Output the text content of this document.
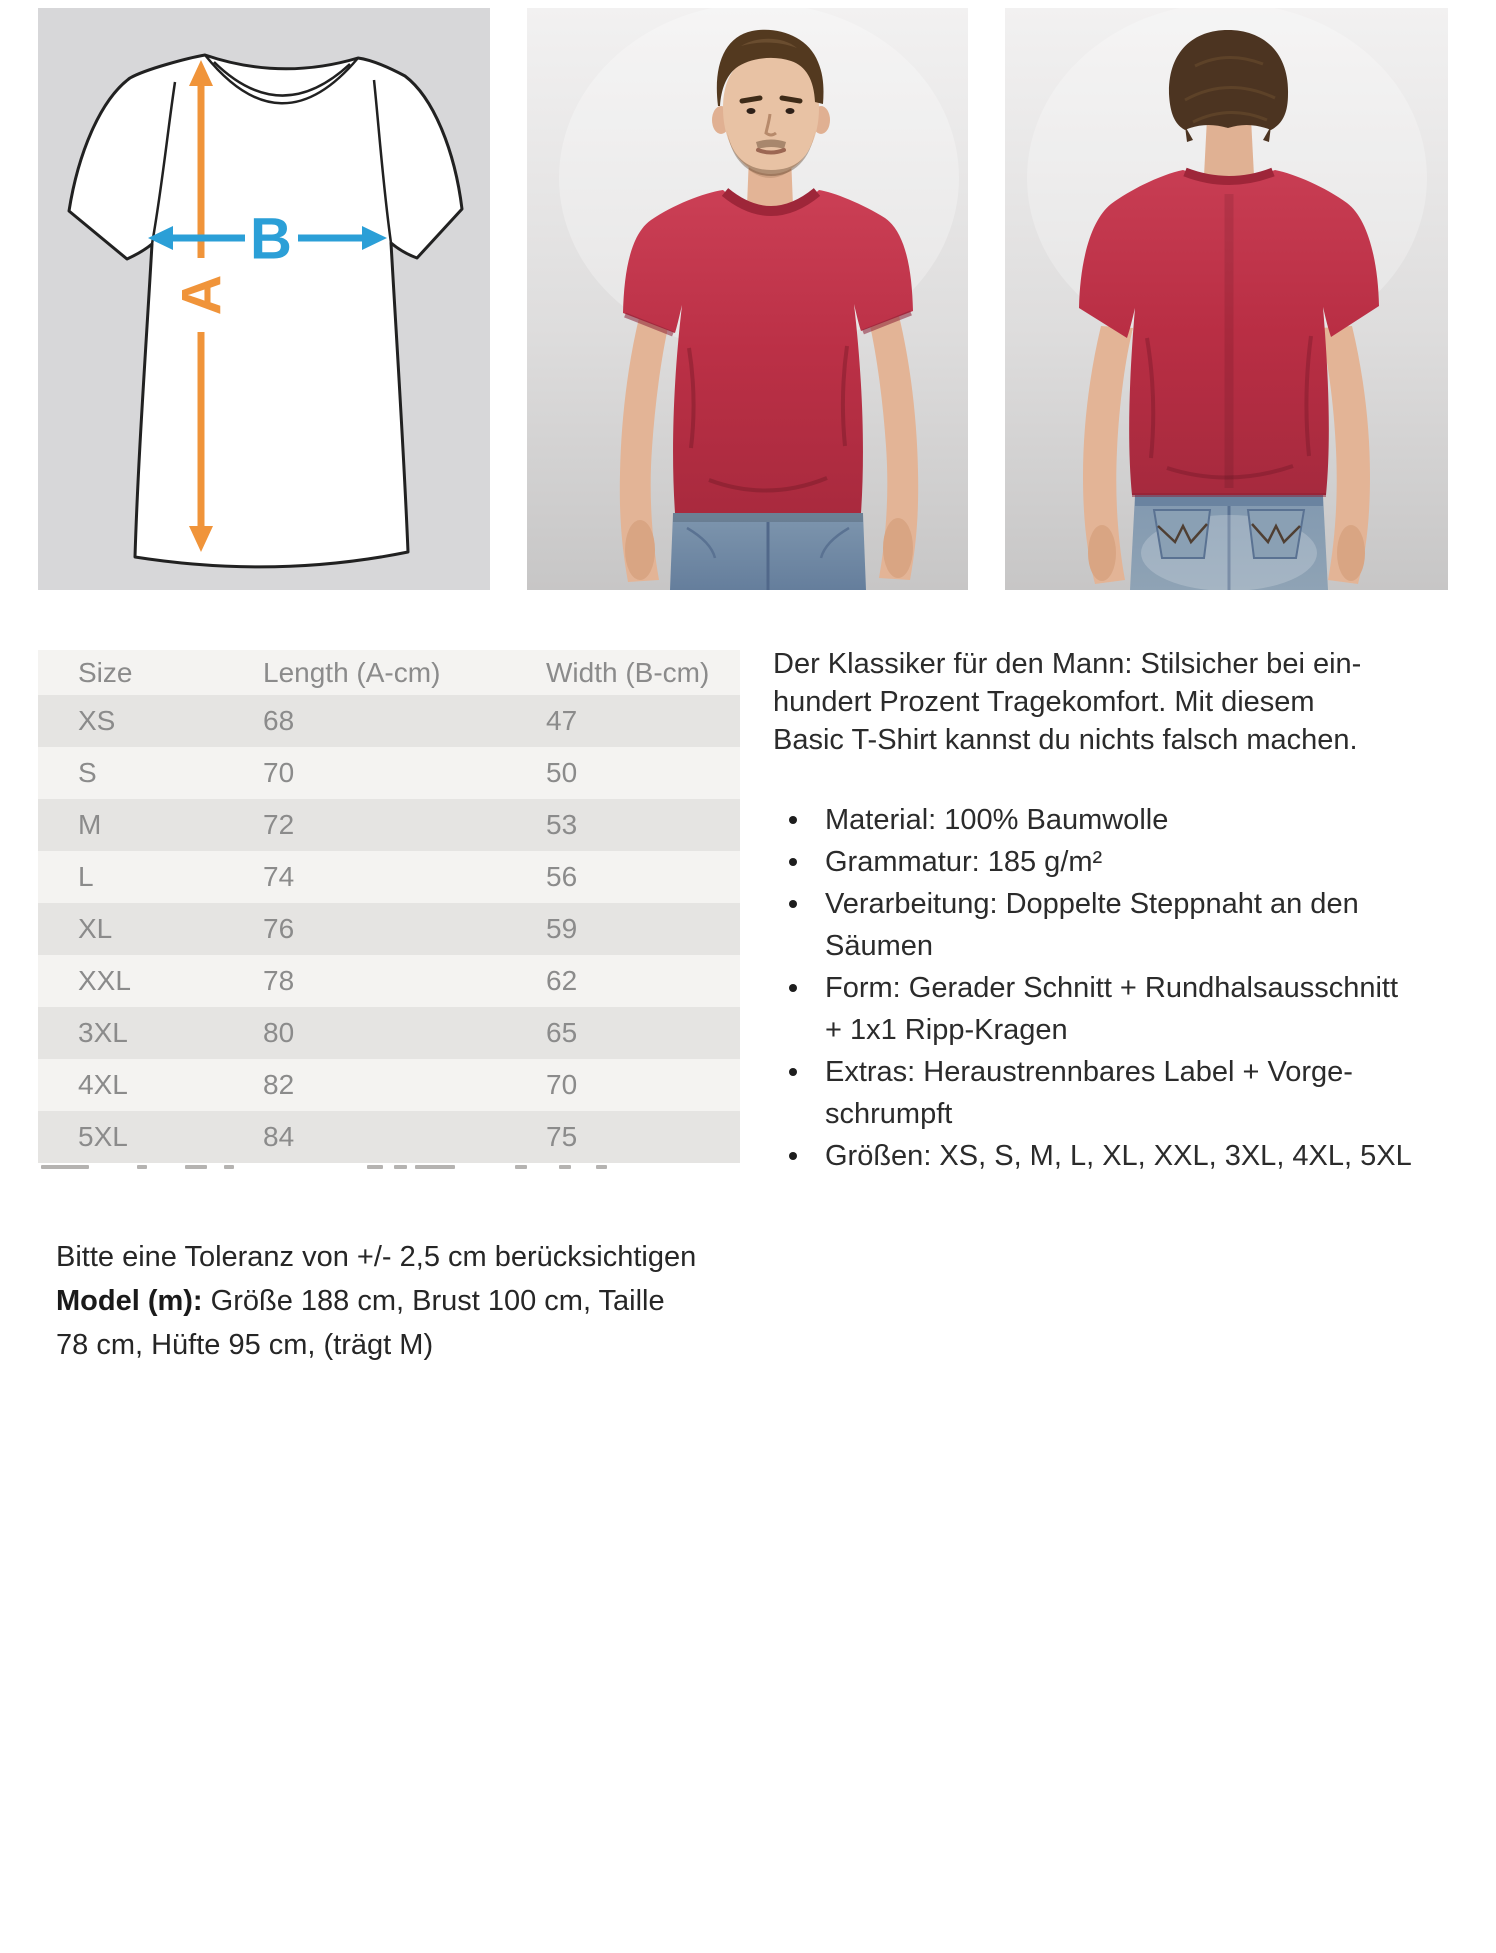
A
B
Size	Length (A-cm)	Width (B-cm)
XS	68	47
S	70	50
M	72	53
L	74	56
XL	76	59
XXL	78	62
3XL	80	65
4XL	82	70
5XL	84	75
Der Klassiker für den Mann: Stilsicher bei ein-
hundert Prozent Tragekomfort. Mit diesem
Basic T-Shirt kannst du nichts falsch machen.
Material: 100% Baumwolle
Grammatur: 185 g/m²
Verarbeitung: Doppelte Steppnaht an den
Säumen
Form: Gerader Schnitt + Rundhalsausschnitt
+ 1x1 Ripp-Kragen
Extras: Heraustrennbares Label + Vorge-
schrumpft
Größen: XS, S, M, L, XL, XXL, 3XL, 4XL, 5XL
Bitte eine Toleranz von +/- 2,5 cm berücksichtigen
Model (m): Größe 188 cm, Brust 100 cm, Taille
78 cm, Hüfte 95 cm, (trägt M)
